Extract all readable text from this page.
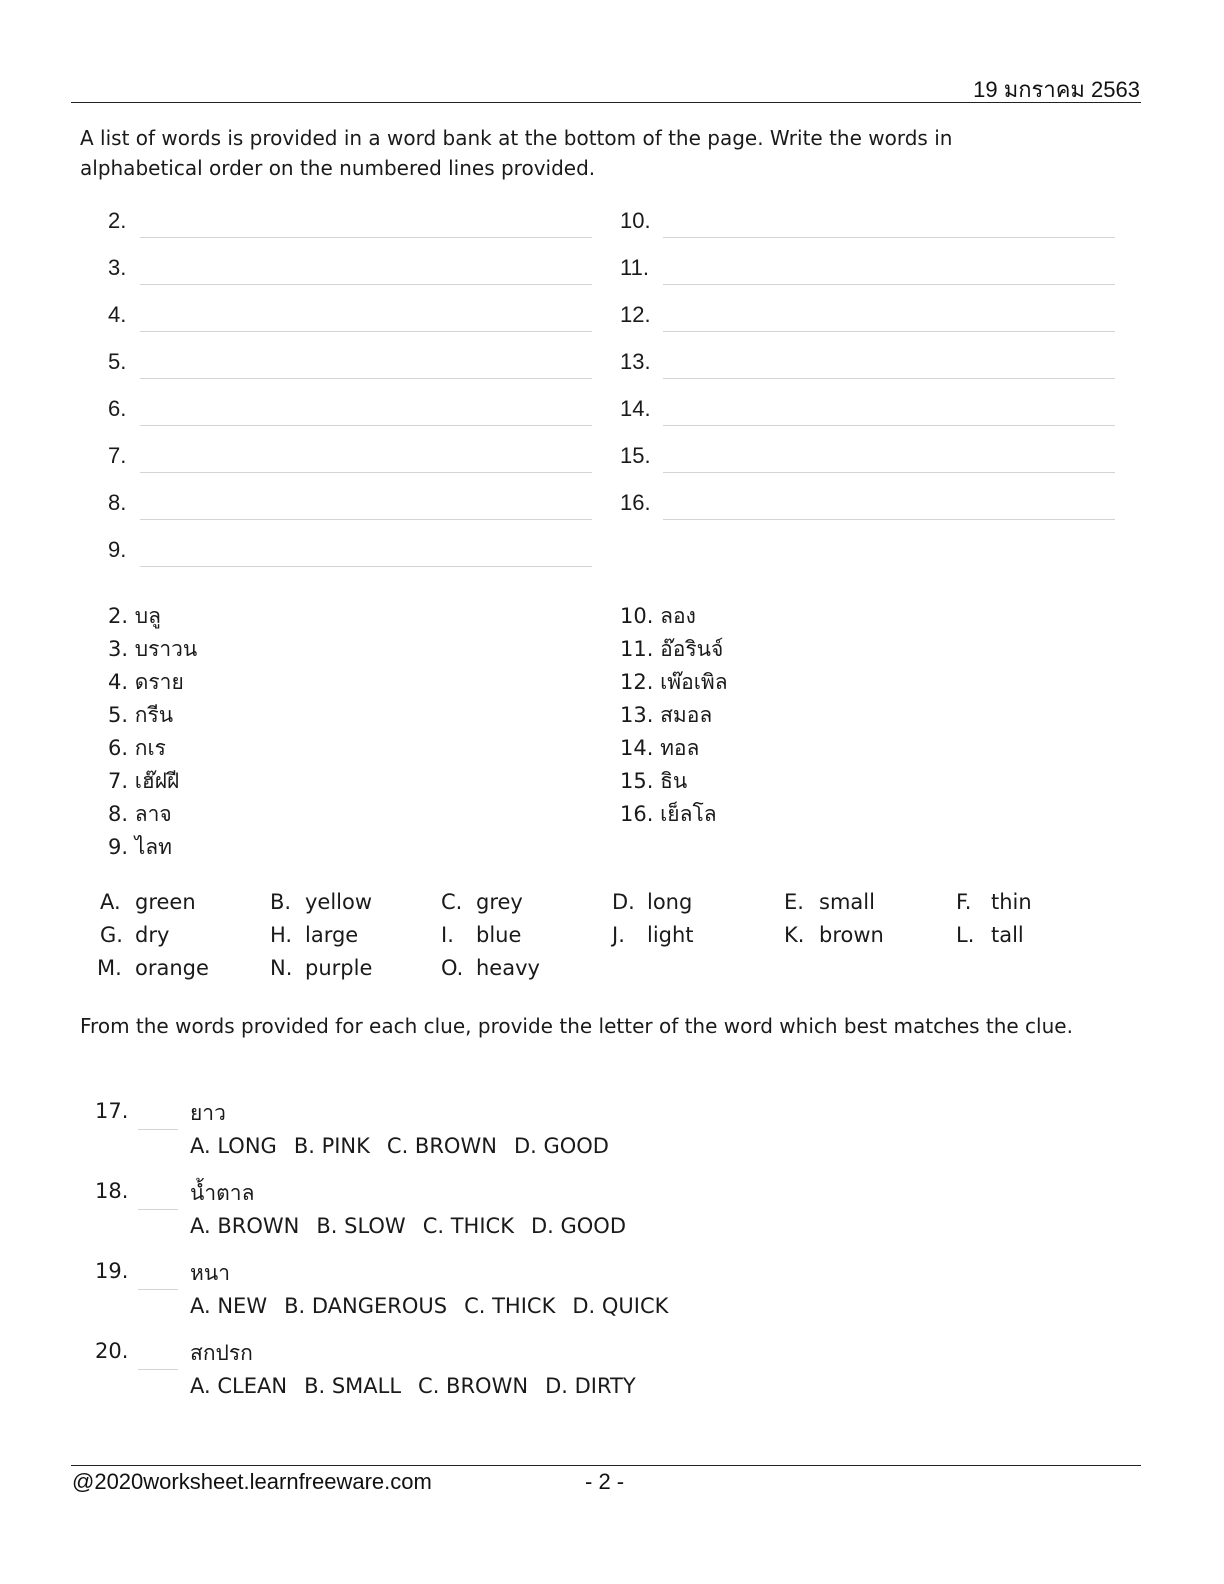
19 มกราคม 2563
A list of words is provided in a word bank at the bottom of the page. Write the words in alphabetical order on the numbered lines provided.
2.
3.
4.
5.
6.
7.
8.
9.
10.
11.
12.
13.
14.
15.
16.
2. บลู
3. บราวน
4. ดราย
5. กรีน
6. กเร
7. เฮ๊ฝฝี
8. ลาจ
9. ไลท
10. ลอง
11. อ๊อรินจ์
12. เพ๊อเพิล
13. สมอล
14. ทอล
15. ธิน
16. เย็ลโล
A. green	B. yellow	C. grey	D. long	E. small	F. thin
G. dry	H. large	I. blue	J. light	K. brown	L. tall
M. orange	N. purple	O. heavy
From the words provided for each clue, provide the letter of the word which best matches the clue.
17.	ยาว
A. LONG B. PINK C. BROWN D. GOOD
18.	น้ำตาล
A. BROWN B. SLOW C. THICK D. GOOD
19.	หนา
A. NEW B. DANGEROUS C. THICK D. QUICK
20.	สกปรก
A. CLEAN B. SMALL C. BROWN D. DIRTY
@2020worksheet.learnfreeware.com	- 2 -
